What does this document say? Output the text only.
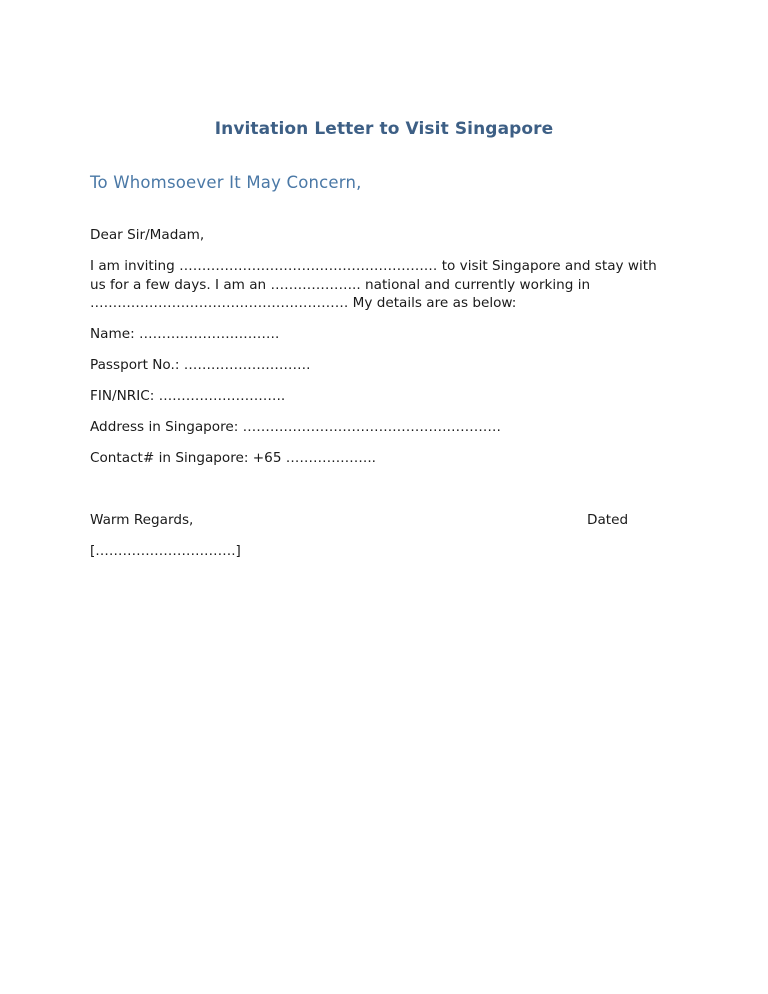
Invitation Letter to Visit Singapore
To Whomsoever It May Concern,
Dear Sir/Madam,
I am inviting ………………………………………………… to visit Singapore and stay with
us for a few days. I am an ……………….. national and currently working in
………………………………………………… My details are as below:
Name: ………………………….
Passport No.: ……………………….
FIN/NRIC: ……………………….
Address in Singapore: …………………………………………………
Contact# in Singapore: +65 ………………..
Warm Regards,	Dated
[………………………….]
